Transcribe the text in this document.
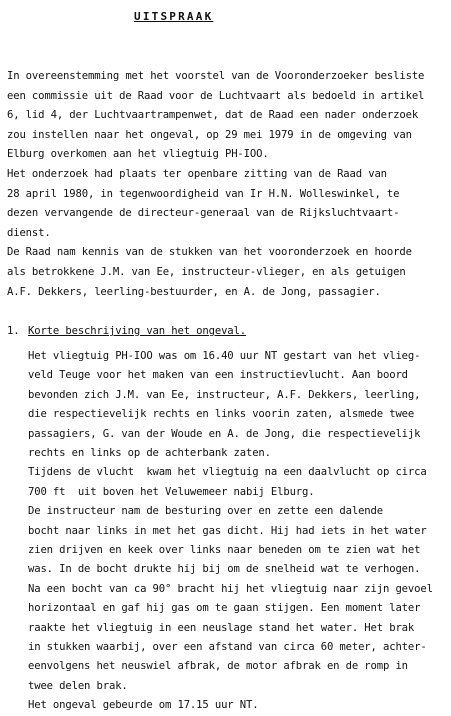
UITSPRAAK
In overeenstemming met het voorstel van de Vooronderzoeker besliste
een commissie uit de Raad voor de Luchtvaart als bedoeld in artikel
6, lid 4, der Luchtvaartrampenwet, dat de Raad een nader onderzoek
zou instellen naar het ongeval, op 29 mei 1979 in de omgeving van
Elburg overkomen aan het vliegtuig PH-IOO.
Het onderzoek had plaats ter openbare zitting van de Raad van
28 april 1980, in tegenwoordigheid van Ir H.N. Wolleswinkel, te
dezen vervangende de directeur-generaal van de Rijksluchtvaart-
dienst.
De Raad nam kennis van de stukken van het vooronderzoek en hoorde
als betrokkene J.M. van Ee, instructeur-vlieger, en als getuigen
A.F. Dekkers, leerling-bestuurder, en A. de Jong, passagier.
1. Korte beschrijving van het ongeval.
Het vliegtuig PH-IOO was om 16.40 uur NT gestart van het vlieg-
veld Teuge voor het maken van een instructievlucht. Aan boord
bevonden zich J.M. van Ee, instructeur, A.F. Dekkers, leerling,
die respectievelijk rechts en links voorin zaten, alsmede twee
passagiers, G. van der Woude en A. de Jong, die respectievelijk
rechts en links op de achterbank zaten.
Tijdens de vlucht  kwam het vliegtuig na een daalvlucht op circa
700 ft  uit boven het Veluwemeer nabij Elburg.
De instructeur nam de besturing over en zette een dalende
bocht naar links in met het gas dicht. Hij had iets in het water
zien drijven en keek over links naar beneden om te zien wat het
was. In de bocht drukte hij bij om de snelheid wat te verhogen.
Na een bocht van ca 90° bracht hij het vliegtuig naar zijn gevoel
horizontaal en gaf hij gas om te gaan stijgen. Een moment later
raakte het vliegtuig in een neuslage stand het water. Het brak
in stukken waarbij, over een afstand van circa 60 meter, achter-
eenvolgens het neuswiel afbrak, de motor afbrak en de romp in
twee delen brak.
Het ongeval gebeurde om 17.15 uur NT.
